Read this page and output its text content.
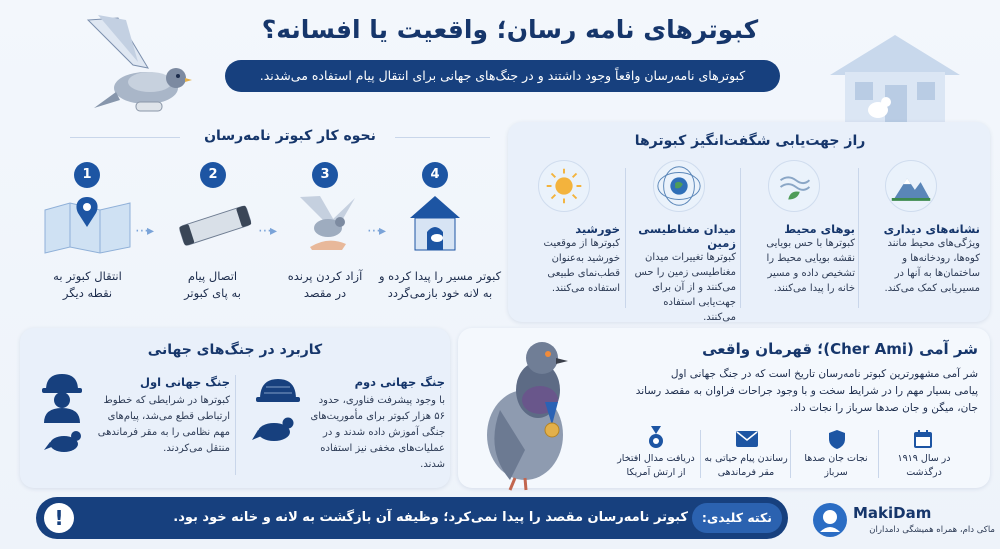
کبوترهای نامه رسان؛ واقعیت یا افسانه؟
کبوترهای نامه‌رسان واقعاً وجود داشتند و در جنگ‌های جهانی برای انتقال پیام استفاده می‌شدند.
نحوه کار کبوتر نامه‌رسان
1	2	3	4
⋯▸	⋯▸	⋯▸
انتقال کبوتر به
نقطه دیگر
اتصال پیام
به پای کبوتر
آزاد کردن پرنده
در مقصد
کبوتر مسیر را پیدا کرده و
به لانه خود بازمی‌گردد
راز جهت‌یابی شگفت‌انگیز کبوترها
نشانه‌های دیداری
ویژگی‌های محیط مانند
کوه‌ها، رودخانه‌ها و
ساختمان‌ها به آنها در
مسیریابی کمک می‌کند.
بوهای محیط
کبوترها با حس بویایی
نقشه بویایی محیط را
تشخیص داده و مسیر
خانه را پیدا می‌کنند.
میدان مغناطیسی زمین
کبوترها تغییرات میدان
مغناطیسی زمین را حس
می‌کنند و از آن برای
جهت‌یابی استفاده
می‌کنند.
خورشید
کبوترها از موقعیت
خورشید به‌عنوان
قطب‌نمای طبیعی
استفاده می‌کنند.
کاربرد در جنگ‌های جهانی
جنگ جهانی اول
کبوترها در شرایطی که خطوط
ارتباطی قطع می‌شد، پیام‌های
مهم نظامی را به مقر فرماندهی
منتقل می‌کردند.
جنگ جهانی دوم
با وجود پیشرفت فناوری، حدود
۵۶ هزار کبوتر برای مأموریت‌های
جنگی آموزش داده شدند و در
عملیات‌های مخفی نیز استفاده شدند.
شر آمی (Cher Ami)؛ قهرمان واقعی
شر آمی مشهورترین کبوتر نامه‌رسان تاریخ است که در جنگ جهانی اول
پیامی بسیار مهم را در شرایط سخت و با وجود جراحات فراوان به مقصد رساند
جان، میگن و جان صدها سرباز را نجات داد.
در سال ۱۹۱۹
درگذشت
نجات جان صدها
سرباز
رساندن پیام حیاتی به
مقر فرماندهی
دریافت مدال افتخار
از ارتش آمریکا
!	نکته کلیدی:
کبوتر نامه‌رسان مقصد را پیدا نمی‌کرد؛ وظیفه آن بازگشت به لانه و خانه خود بود.	MakiDam
ماکی دام، همراه همیشگی دامداران
